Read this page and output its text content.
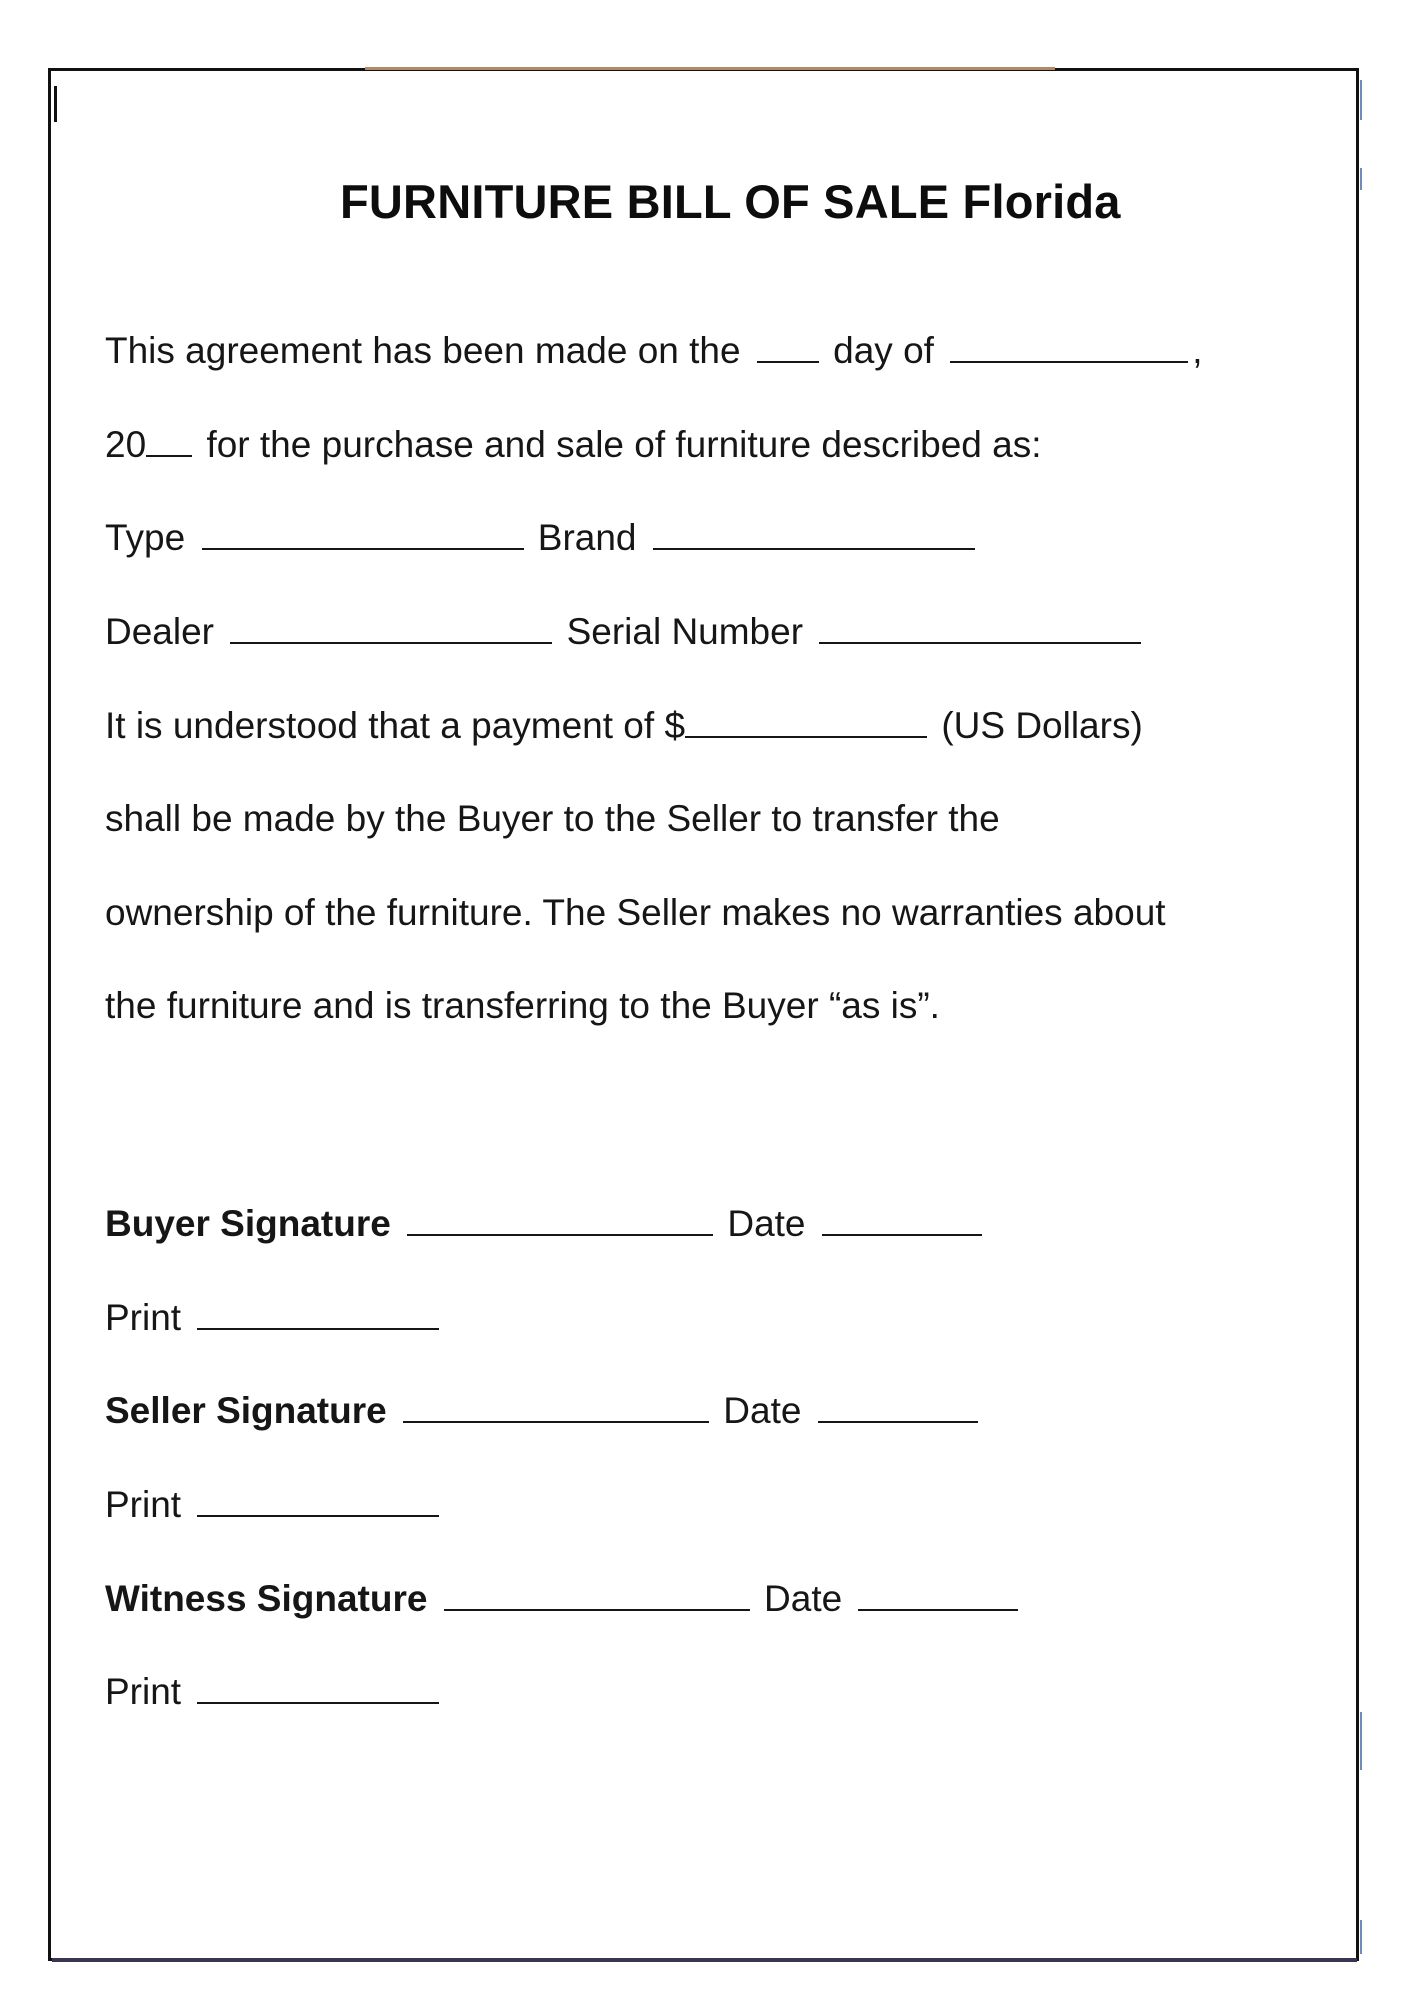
FURNITURE BILL OF SALE Florida
This agreement has been made on the	day of	,
20 for the purchase and sale of furniture described as:
Type	Brand
Dealer	Serial Number
It is understood that a payment of $	(US Dollars)
shall be made by the Buyer to the Seller to transfer the
ownership of the furniture. The Seller makes no warranties about
the furniture and is transferring to the Buyer “as is”.
Buyer Signature	Date
Print
Seller Signature	Date
Print
Witness Signature	Date
Print
